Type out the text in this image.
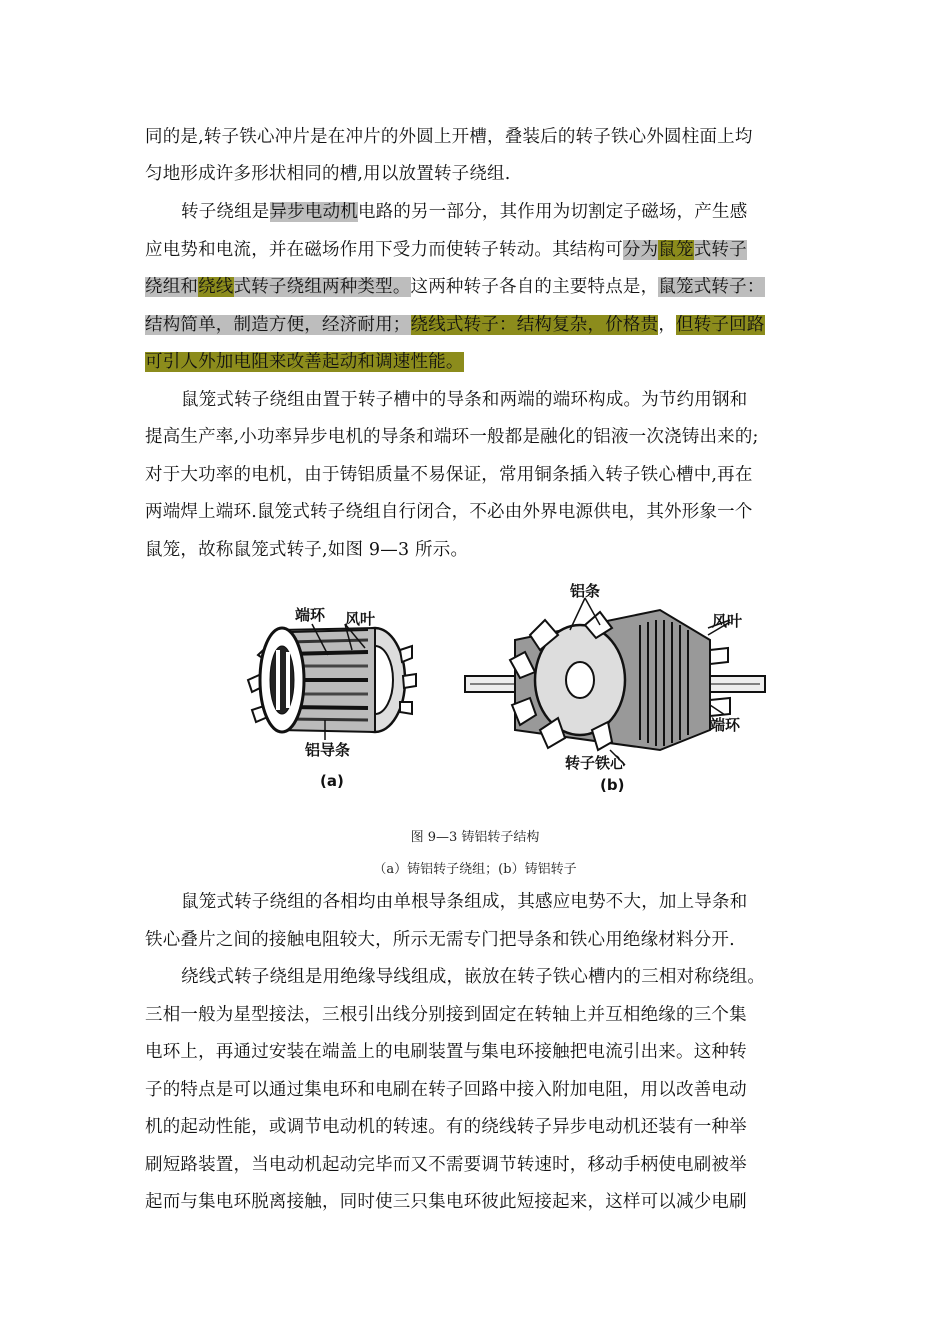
同的是,转子铁心冲片是在冲片的外圆上开槽，叠装后的转子铁心外圆柱面上均
匀地形成许多形状相同的槽,用以放置转子绕组.
转子绕组是异步电动机电路的另一部分，其作用为切割定子磁场，产生感
应电势和电流，并在磁场作用下受力而使转子转动。其结构可分为鼠笼式转子
绕组和绕线式转子绕组两种类型。这两种转子各自的主要特点是，鼠笼式转子：
结构简单，制造方便，经济耐用；绕线式转子：结构复杂，价格贵，但转子回路
可引人外加电阻来改善起动和调速性能。
鼠笼式转子绕组由置于转子槽中的导条和两端的端环构成。为节约用钢和
提高生产率,小功率异步电机的导条和端环一般都是融化的铝液一次浇铸出来的;
对于大功率的电机，由于铸铝质量不易保证，常用铜条插入转子铁心槽中,再在
两端焊上端环.鼠笼式转子绕组自行闭合，不必由外界电源供电，其外形象一个
鼠笼，故称鼠笼式转子,如图 9—3 所示。
端环 风叶
铝导条
(a)
铝条
风叶
端环
转子铁心
(b)
图 9—3 铸铝转子结构
（a）铸铝转子绕组；(b）铸铝转子
鼠笼式转子绕组的各相均由单根导条组成，其感应电势不大，加上导条和
铁心叠片之间的接触电阻较大，所示无需专门把导条和铁心用绝缘材料分开.
绕线式转子绕组是用绝缘导线组成，嵌放在转子铁心槽内的三相对称绕组。
三相一般为星型接法，三根引出线分别接到固定在转轴上并互相绝缘的三个集
电环上，再通过安装在端盖上的电刷装置与集电环接触把电流引出来。这种转
子的特点是可以通过集电环和电刷在转子回路中接入附加电阻，用以改善电动
机的起动性能，或调节电动机的转速。有的绕线转子异步电动机还装有一种举
刷短路装置，当电动机起动完毕而又不需要调节转速时，移动手柄使电刷被举
起而与集电环脱离接触，同时使三只集电环彼此短接起来，这样可以减少电刷
